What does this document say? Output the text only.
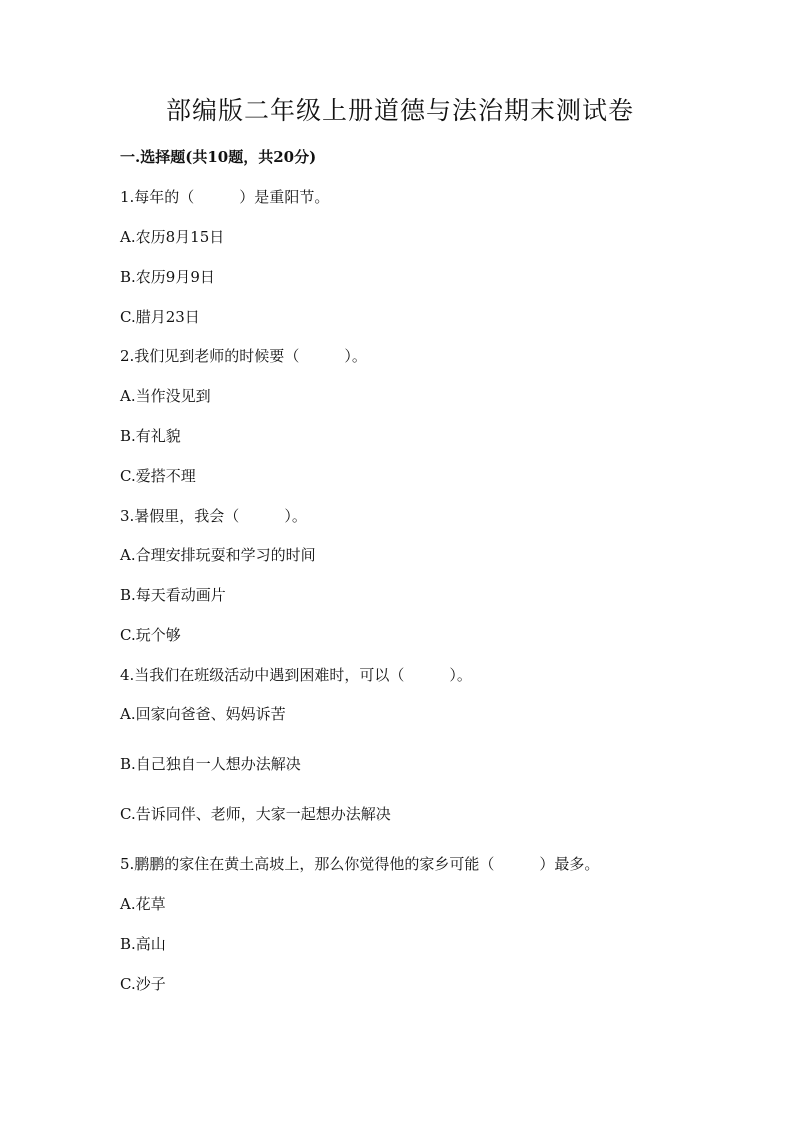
部编版二年级上册道德与法治期末测试卷
一.选择题(共10题，共20分)
1.每年的（　　　）是重阳节。
A.农历8月15日
B.农历9月9日
C.腊月23日
2.我们见到老师的时候要（　　　）。
A.当作没见到
B.有礼貌
C.爱搭不理
3.暑假里，我会（　　　）。
A.合理安排玩耍和学习的时间
B.每天看动画片
C.玩个够
4.当我们在班级活动中遇到困难时，可以（　　　）。
A.回家向爸爸、妈妈诉苦
B.自己独自一人想办法解决
C.告诉同伴、老师，大家一起想办法解决
5.鹏鹏的家住在黄土高坡上，那么你觉得他的家乡可能（　　　）最多。
A.花草
B.高山
C.沙子
